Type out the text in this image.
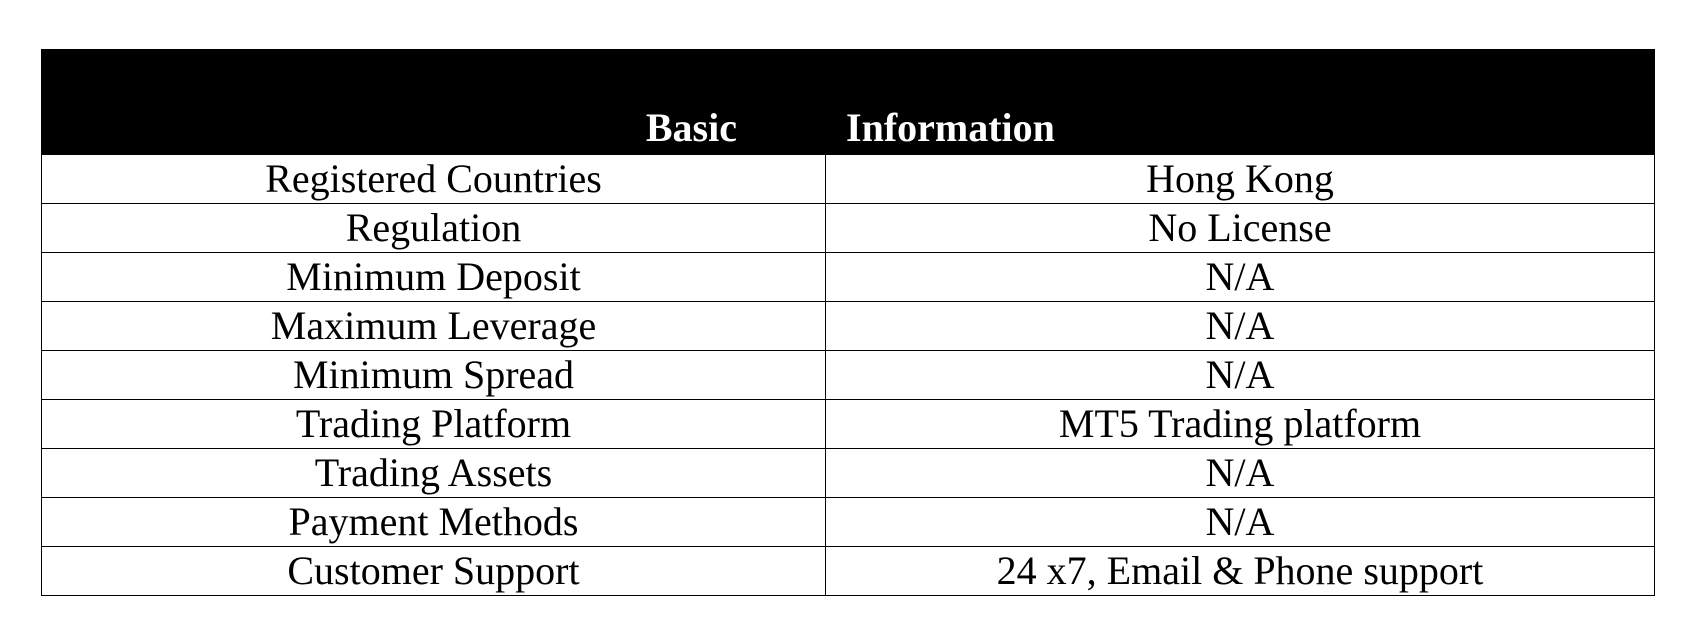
Basic	Information
Registered Countries	Hong Kong
Regulation	No License
Minimum Deposit	N/A
Maximum Leverage	N/A
Minimum Spread	N/A
Trading Platform	MT5 Trading platform
Trading Assets	N/A
Payment Methods	N/A
Customer Support	24 x7, Email & Phone support
